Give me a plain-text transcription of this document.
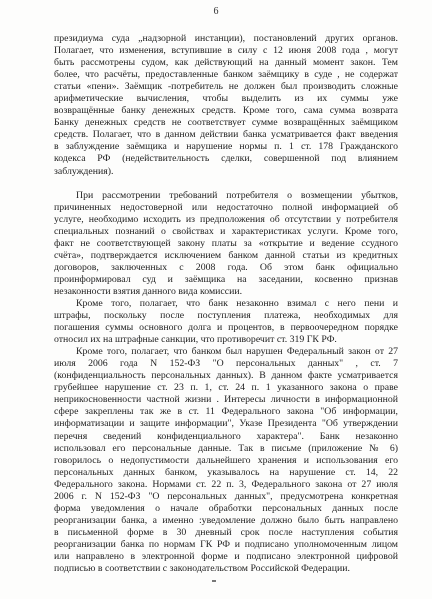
6
президиума суда „надзорной инстанции), постановлений других органов.
Полагает, что изменения, вступившие в силу с 12 июня 2008 года , могут
быть рассмотрены судом, как действующий на данный момент закон. Тем
более, что расчёты, предоставленные банком заёмщику в суде , не содержат
статьи «пени». Заёмщик -потребитель не должен был производить сложные
арифметические вычисления, чтобы выделить из их суммы уже
возвращённые банку денежных средств. Кроме того, сама сумма возврата
Банку денежных средств не соответствует сумме возвращённых заёмщиком
средств. Полагает, что в данном действии банка усматривается факт введения
в заблуждение заёмщика и нарушение нормы п. 1 ст. 178 Гражданского
кодекса РФ (недействительность сделки, совершенной под влиянием
заблуждения).
При рассмотрении требований потребителя о возмещении убытков,
причиненных недостоверной или недостаточно полной информацией об
услуге, необходимо исходить из предположения об отсутствии у потребителя
специальных познаний о свойствах и характеристиках услуги. Кроме того,
факт не соответствующей закону платы за «открытие и ведение ссудного
счёта», подтверждается исключением банком данной статьи из кредитных
договоров, заключенных с 2008 года. Об этом банк официально
проинформировал суд и заёмщика на заседании, косвенно признав
незаконности взятия данного вида комиссии.
Кроме того, полагает, что банк незаконно взимал с него пени и
штрафы, поскольку после поступления платежа, необходимых для
погашения суммы основного долга и процентов, в первоочередном порядке
относил их на штрафные санкции, что противоречит ст. 319 ГК РФ.
Кроме того, полагает, что банком был нарушен Федеральный закон от 27
июля 2006 года N 152-ФЗ "О персональных данных" , ст. 7
(конфиденциальность персональных данных). В данном факте усматривается
грубейшее нарушение ст. 23 п. 1, ст. 24 п. 1 указанного закона о праве
неприкосновенности частной жизни . Интересы личности в информационной
сфере закреплены так же в ст. 11 Федерального закона "Об информации,
информатизации и защите информации", Указе Президента "Об утверждении
перечня сведений конфиденциального характера". Банк незаконно
использовал его персональные данные. Так в письме (приложение № 6)
говорилось о недопустимости дальнейшего хранения и использования его
персональных данных банком, указывалось на нарушение ст. 14, 22
Федерального закона. Нормами ст. 22 п. 3, Федерального закона от 27 июля
2006 г. N 152-ФЗ "О персональных данных", предусмотрена конкретная
форма уведомления о начале обработки персональных данных после
реорганизации банка, а именно :уведомление должно было быть направлено
в письменной форме в 30 дневный срок после наступления события
реорганизации банка по нормам ГК РФ и подписано уполномоченным лицом
или направлено в электронной форме и подписано электронной цифровой
подписью в соответствии с законодательством Российской Федерации.
